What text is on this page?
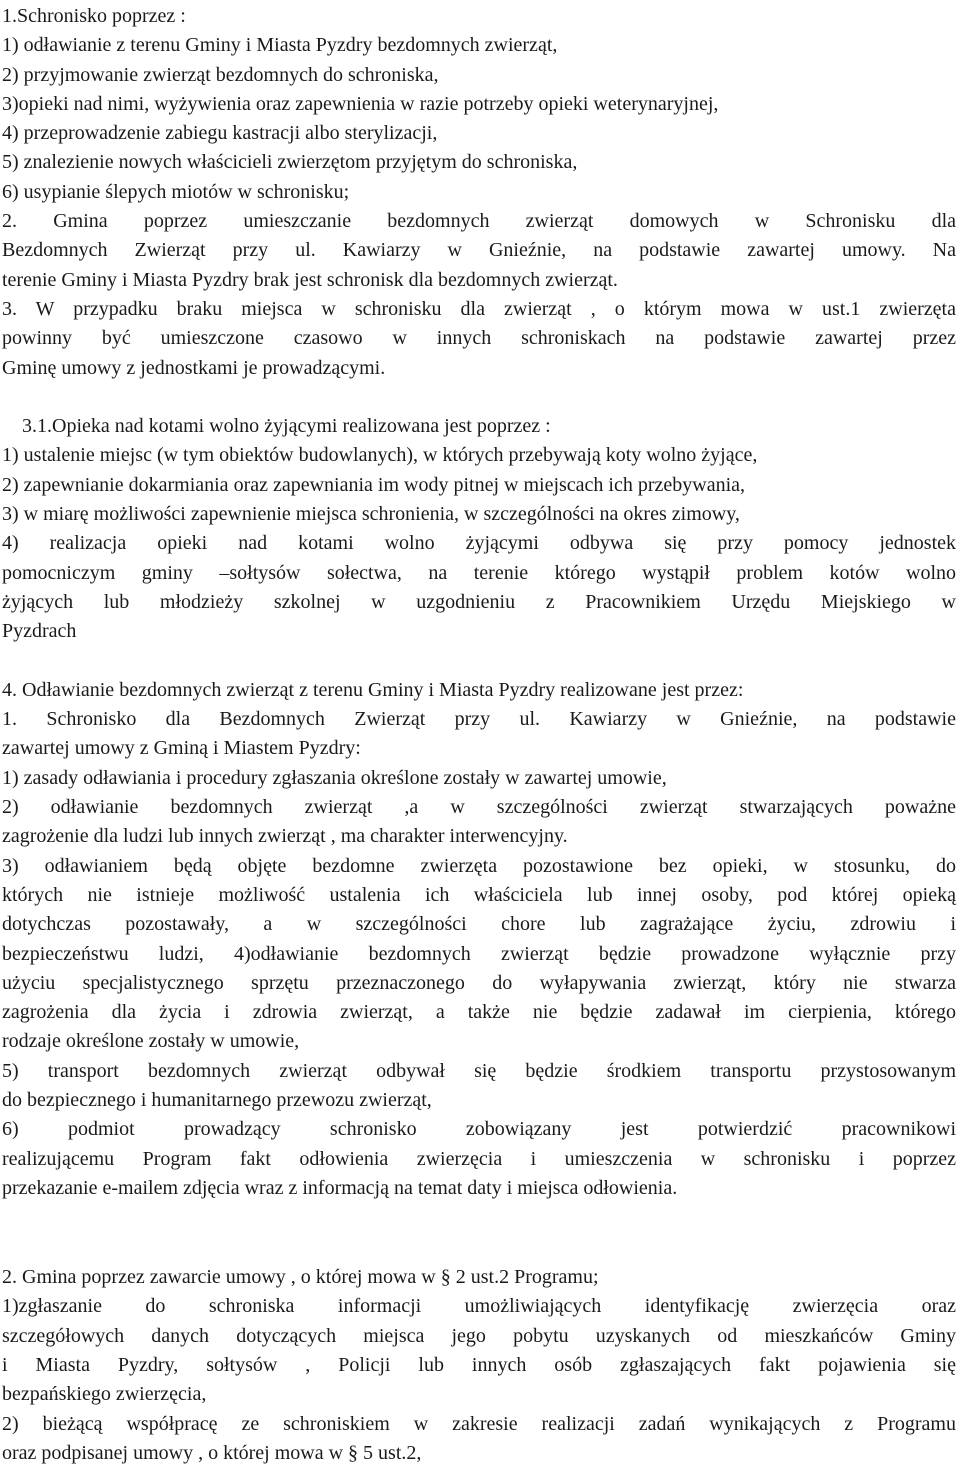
1.Schronisko poprzez :
1) odławianie z terenu Gminy i Miasta Pyzdry bezdomnych zwierząt,
2) przyjmowanie zwierząt bezdomnych do schroniska,
3)opieki nad nimi, wyżywienia oraz zapewnienia w razie potrzeby opieki weterynaryjnej,
4) przeprowadzenie zabiegu kastracji albo sterylizacji,
5) znalezienie nowych właścicieli zwierzętom przyjętym do schroniska,
6) usypianie ślepych miotów w schronisku;
2. Gmina poprzez umieszczanie bezdomnych zwierząt domowych w Schronisku dla
Bezdomnych Zwierząt przy ul. Kawiarzy w Gnieźnie, na podstawie zawartej umowy. Na
terenie Gminy i Miasta Pyzdry brak jest schronisk dla bezdomnych zwierząt.
3. W przypadku braku miejsca w schronisku dla zwierząt , o którym mowa w ust.1 zwierzęta
powinny być umieszczone czasowo w innych schroniskach na podstawie zawartej przez
Gminę umowy z jednostkami je prowadzącymi.
3.1.Opieka nad kotami wolno żyjącymi realizowana jest poprzez :
1) ustalenie miejsc (w tym obiektów budowlanych), w których przebywają koty wolno żyjące,
2) zapewnianie dokarmiania oraz zapewniania im wody pitnej w miejscach ich przebywania,
3) w miarę możliwości zapewnienie miejsca schronienia, w szczególności na okres zimowy,
4) realizacja opieki nad kotami wolno żyjącymi odbywa się przy pomocy jednostek
pomocniczym gminy –sołtysów sołectwa, na terenie którego wystąpił problem kotów wolno
żyjących lub młodzieży szkolnej w uzgodnieniu z Pracownikiem Urzędu Miejskiego w
Pyzdrach
4. Odławianie bezdomnych zwierząt z terenu Gminy i Miasta Pyzdry realizowane jest przez:
1. Schronisko dla Bezdomnych Zwierząt przy ul. Kawiarzy w Gnieźnie, na podstawie
zawartej umowy z Gminą i Miastem Pyzdry:
1) zasady odławiania i procedury zgłaszania określone zostały w zawartej umowie,
2) odławianie bezdomnych zwierząt ,a w szczególności zwierząt stwarzających poważne
zagrożenie dla ludzi lub innych zwierząt , ma charakter interwencyjny.
3) odławianiem będą objęte bezdomne zwierzęta pozostawione bez opieki, w stosunku, do
których nie istnieje możliwość ustalenia ich właściciela lub innej osoby, pod której opieką
dotychczas pozostawały, a w szczególności chore lub zagrażające życiu, zdrowiu i
bezpieczeństwu ludzi, 4)odławianie bezdomnych zwierząt będzie prowadzone wyłącznie przy
użyciu specjalistycznego sprzętu przeznaczonego do wyłapywania zwierząt, który nie stwarza
zagrożenia dla życia i zdrowia zwierząt, a także nie będzie zadawał im cierpienia, którego
rodzaje określone zostały w umowie,
5) transport bezdomnych zwierząt odbywał się będzie środkiem transportu przystosowanym
do bezpiecznego i humanitarnego przewozu zwierząt,
6) podmiot prowadzący schronisko zobowiązany jest potwierdzić pracownikowi
realizującemu Program fakt odłowienia zwierzęcia i umieszczenia w schronisku i poprzez
przekazanie e-mailem zdjęcia wraz z informacją na temat daty i miejsca odłowienia.
2. Gmina poprzez zawarcie umowy , o której mowa w § 2 ust.2 Programu;
1)zgłaszanie do schroniska informacji umożliwiających identyfikację zwierzęcia oraz
szczegółowych danych dotyczących miejsca jego pobytu uzyskanych od mieszkańców Gminy
i Miasta Pyzdry, sołtysów , Policji lub innych osób zgłaszających fakt pojawienia się
bezpańskiego zwierzęcia,
2) bieżącą współpracę ze schroniskiem w zakresie realizacji zadań wynikających z Programu
oraz podpisanej umowy , o której mowa w § 5 ust.2,
